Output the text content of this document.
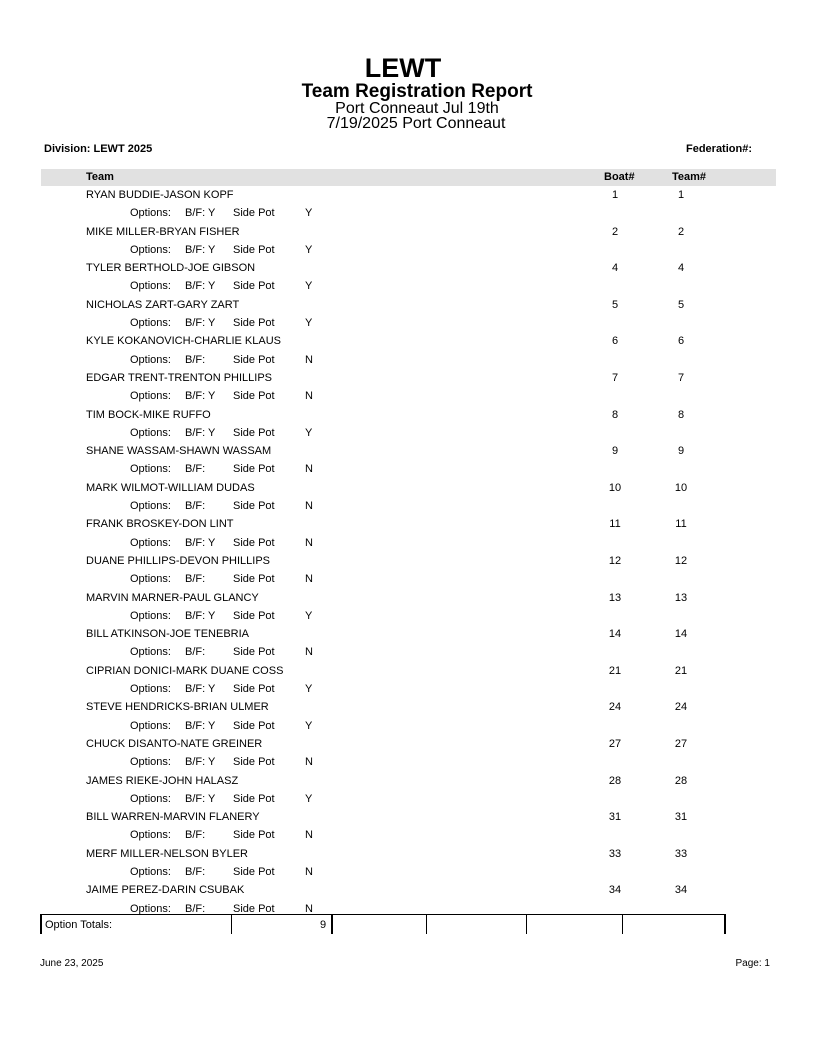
LEWT
Team Registration Report
Port Conneaut Jul 19th
7/19/2025 Port Conneaut
Division: LEWT 2025	Federation#:
Team	Boat#	Team#
RYAN BUDDIE-JASON KOPF	1	1
Options: B/F: Y Side Pot	Y
MIKE MILLER-BRYAN FISHER	2	2
Options: B/F: Y Side Pot	Y
TYLER BERTHOLD-JOE GIBSON	4	4
Options: B/F: Y Side Pot	Y
NICHOLAS ZART-GARY ZART	5	5
Options: B/F: Y Side Pot	Y
KYLE KOKANOVICH-CHARLIE KLAUS	6	6
Options: B/F:	Side Pot	N
EDGAR TRENT-TRENTON PHILLIPS	7	7
Options: B/F: Y Side Pot	N
TIM BOCK-MIKE RUFFO	8	8
Options: B/F: Y Side Pot	Y
SHANE WASSAM-SHAWN WASSAM	9	9
Options: B/F:	Side Pot	N
MARK WILMOT-WILLIAM DUDAS	10	10
Options: B/F:	Side Pot	N
FRANK BROSKEY-DON LINT	11	11
Options: B/F: Y Side Pot	N
DUANE PHILLIPS-DEVON PHILLIPS	12	12
Options: B/F:	Side Pot	N
MARVIN MARNER-PAUL GLANCY	13	13
Options: B/F: Y Side Pot	Y
BILL ATKINSON-JOE TENEBRIA	14	14
Options: B/F:	Side Pot	N
CIPRIAN DONICI-MARK DUANE COSS	21	21
Options: B/F: Y Side Pot	Y
STEVE HENDRICKS-BRIAN ULMER	24	24
Options: B/F: Y Side Pot	Y
CHUCK DISANTO-NATE GREINER	27	27
Options: B/F: Y Side Pot	N
JAMES RIEKE-JOHN HALASZ	28	28
Options: B/F: Y Side Pot	Y
BILL WARREN-MARVIN FLANERY	31	31
Options: B/F:	Side Pot	N
MERF MILLER-NELSON BYLER	33	33
Options: B/F:	Side Pot	N
JAIME PEREZ-DARIN CSUBAK	34	34
Options: B/F:	Side Pot	N
Option Totals:	9
June 23, 2025	Page: 1
